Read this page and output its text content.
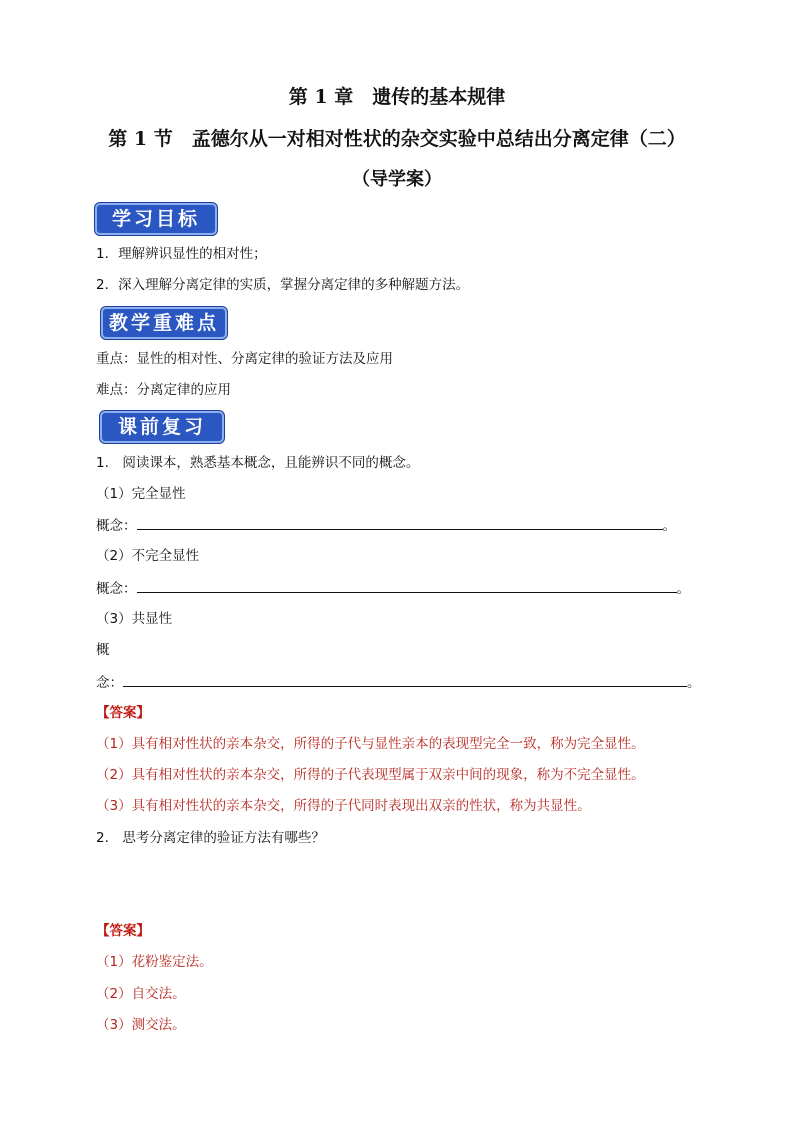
第 1 章　遗传的基本规律
第 1 节　孟德尔从一对相对性状的杂交实验中总结出分离定律（二）
（导学案）
学习目标
1．理解辨识显性的相对性；
2．深入理解分离定律的实质，掌握分离定律的多种解题方法。
教学重难点
重点：显性的相对性、分离定律的验证方法及应用
难点：分离定律的应用
课前复习
1.　阅读课本，熟悉基本概念，且能辨识不同的概念。
（1）完全显性
概念：	。
（2）不完全显性
概念：	。
（3）共显性
概
念：	。
【答案】
（1）具有相对性状的亲本杂交，所得的子代与显性亲本的表现型完全一致，称为完全显性。
（2）具有相对性状的亲本杂交，所得的子代表现型属于双亲中间的现象，称为不完全显性。
（3）具有相对性状的亲本杂交，所得的子代同时表现出双亲的性状，称为共显性。
2.　思考分离定律的验证方法有哪些？
【答案】
（1）花粉鉴定法。
（2）自交法。
（3）测交法。
